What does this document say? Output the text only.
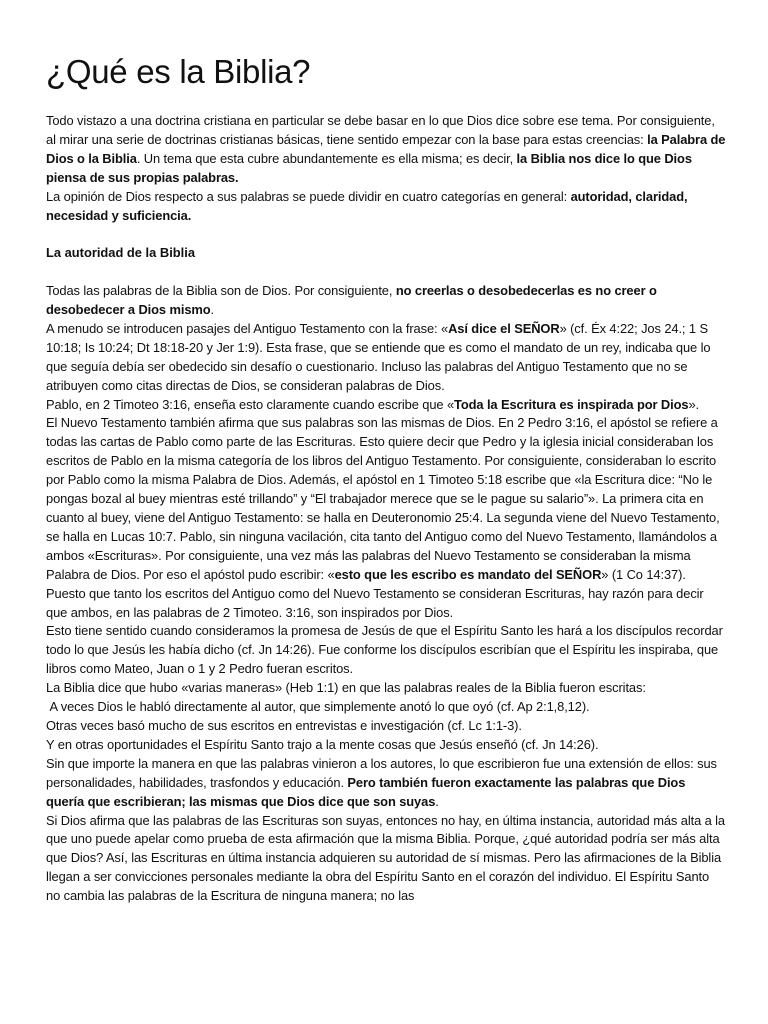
¿Qué es la Biblia?

Todo vistazo a una doctrina cristiana en particular se debe basar en lo que Dios dice sobre ese tema. Por consiguiente, al mirar una serie de doctrinas cristianas básicas, tiene sentido empezar con la base para estas creencias: la Palabra de Dios o la Biblia. Un tema que esta cubre abundantemente es ella misma; es decir, la Biblia nos dice lo que Dios piensa de sus propias palabras.

La opinión de Dios respecto a sus palabras se puede dividir en cuatro categorías en general: autoridad, claridad, necesidad y suficiencia.

La autoridad de la Biblia

Todas las palabras de la Biblia son de Dios. Por consiguiente, no creerlas o desobedecerlas es no creer o desobedecer a Dios mismo.

A menudo se introducen pasajes del Antiguo Testamento con la frase: «Así dice el SEÑOR» (cf. Éx 4:22; Jos 24.; 1 S 10:18; Is 10:24; Dt 18:18-20 y Jer 1:9). Esta frase, que se entiende que es como el mandato de un rey, indicaba que lo que seguía debía ser obedecido sin desafío o cuestionario. Incluso las palabras del Antiguo Testamento que no se atribuyen como citas directas de Dios, se consideran palabras de Dios.

Pablo, en 2 Timoteo 3:16, enseña esto claramente cuando escribe que «Toda la Escritura es inspirada por Dios».

El Nuevo Testamento también afirma que sus palabras son las mismas de Dios. En 2 Pedro 3:16, el apóstol se refiere a todas las cartas de Pablo como parte de las Escrituras. Esto quiere decir que Pedro y la iglesia inicial consideraban los escritos de Pablo en la misma categoría de los libros del Antiguo Testamento. Por consiguiente, consideraban lo escrito por Pablo como la misma Palabra de Dios. Además, el apóstol en 1 Timoteo 5:18 escribe que «la Escritura dice: “No le pongas bozal al buey mientras esté trillando” y “El trabajador merece que se le pague su salario”». La primera cita en cuanto al buey, viene del Antiguo Testamento: se halla en Deuteronomio 25:4. La segunda viene del Nuevo Testamento, se halla en Lucas 10:7. Pablo, sin ninguna vacilación, cita tanto del Antiguo como del Nuevo Testamento, llamándolos a ambos «Escrituras». Por consiguiente, una vez más las palabras del Nuevo Testamento se consideraban la misma Palabra de Dios. Por eso el apóstol pudo escribir: «esto que les escribo es mandato del SEÑOR» (1 Co 14:37).

Puesto que tanto los escritos del Antiguo como del Nuevo Testamento se consideran Escrituras, hay razón para decir que ambos, en las palabras de 2 Timoteo. 3:16, son inspirados por Dios.

Esto tiene sentido cuando consideramos la promesa de Jesús de que el Espíritu Santo les hará a los discípulos recordar todo lo que Jesús les había dicho (cf. Jn 14:26). Fue conforme los discípulos escribían que el Espíritu les inspiraba, que libros como Mateo, Juan o 1 y 2 Pedro fueran escritos.

La Biblia dice que hubo «varias maneras» (Heb 1:1) en que las palabras reales de la Biblia fueron escritas:

A veces Dios le habló directamente al autor, que simplemente anotó lo que oyó (cf. Ap 2:1,8,12).

Otras veces basó mucho de sus escritos en entrevistas e investigación (cf. Lc 1:1-3).

Y en otras oportunidades el Espíritu Santo trajo a la mente cosas que Jesús enseñó (cf. Jn 14:26).

Sin que importe la manera en que las palabras vinieron a los autores, lo que escribieron fue una extensión de ellos: sus personalidades, habilidades, trasfondos y educación. Pero también fueron exactamente las palabras que Dios quería que escribieran; las mismas que Dios dice que son suyas.

Si Dios afirma que las palabras de las Escrituras son suyas, entonces no hay, en última instancia, autoridad más alta a la que uno puede apelar como prueba de esta afirmación que la misma Biblia. Porque, ¿qué autoridad podría ser más alta que Dios? Así, las Escrituras en última instancia adquieren su autoridad de sí mismas. Pero las afirmaciones de la Biblia llegan a ser convicciones personales mediante la obra del Espíritu Santo en el corazón del individuo. El Espíritu Santo no cambia las palabras de la Escritura de ninguna manera; no las
